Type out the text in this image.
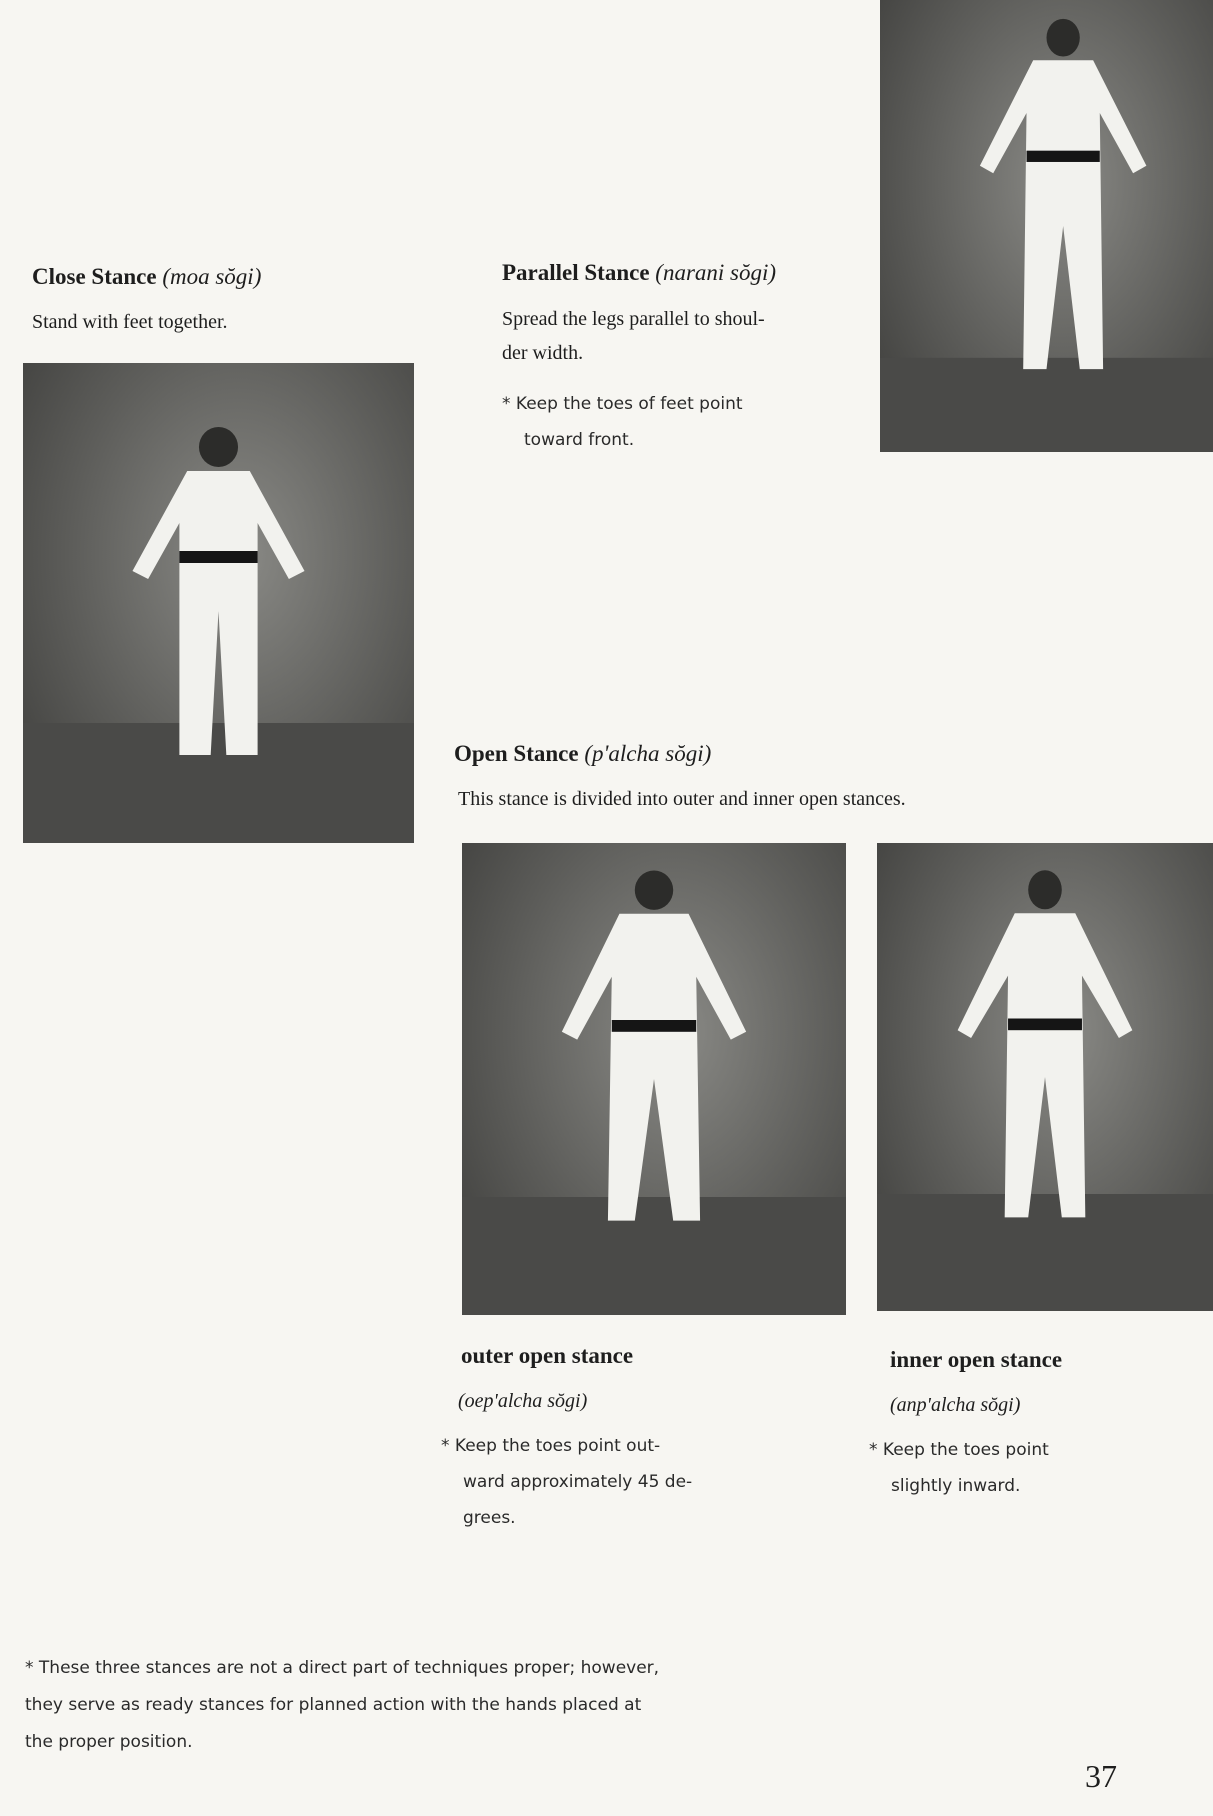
Close Stance (moa sŏgi)
Stand with feet together.
Parallel Stance (narani sŏgi)
Spread the legs parallel to shoul-
der width.
* Keep the toes of feet point
toward front.
Open Stance (p'alcha sŏgi)
This stance is divided into outer and inner open stances.
outer open stance
(oep'alcha sŏgi)
* Keep the toes point out-
ward approximately 45 de-
grees.
inner open stance
(anp'alcha sŏgi)
* Keep the toes point
slightly inward.
* These three stances are not a direct part of techniques proper; however,
they serve as ready stances for planned action with the hands placed at
the proper position.
37
